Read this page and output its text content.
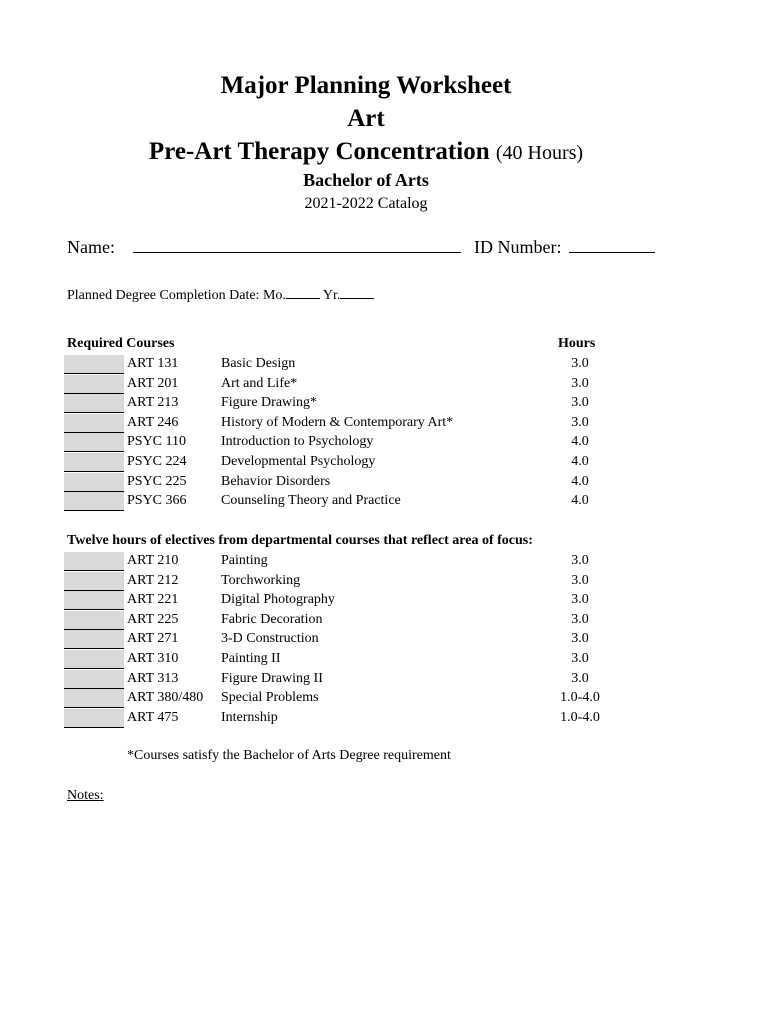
Major Planning Worksheet
Art
Pre-Art Therapy Concentration (40 Hours)
Bachelor of Arts
2021-2022 Catalog
Name:	ID Number:
Planned Degree Completion Date: Mo.	Yr.
Required Courses	Hours
ART 131	Basic Design	3.0
ART 201	Art and Life*	3.0
ART 213	Figure Drawing*	3.0
ART 246	History of Modern & Contemporary Art*	3.0
PSYC 110 Introduction to Psychology	4.0
PSYC 224 Developmental Psychology	4.0
PSYC 225 Behavior Disorders	4.0
PSYC 366 Counseling Theory and Practice	4.0
Twelve hours of electives from departmental courses that reflect area of focus:
ART 210	Painting	3.0
ART 212	Torchworking	3.0
ART 221	Digital Photography	3.0
ART 225	Fabric Decoration	3.0
ART 271	3-D Construction	3.0
ART 310	Painting II	3.0
ART 313	Figure Drawing II	3.0
ART 380/480 Special Problems	1.0-4.0
ART 475	Internship	1.0-4.0
*Courses satisfy the Bachelor of Arts Degree requirement
Notes:
